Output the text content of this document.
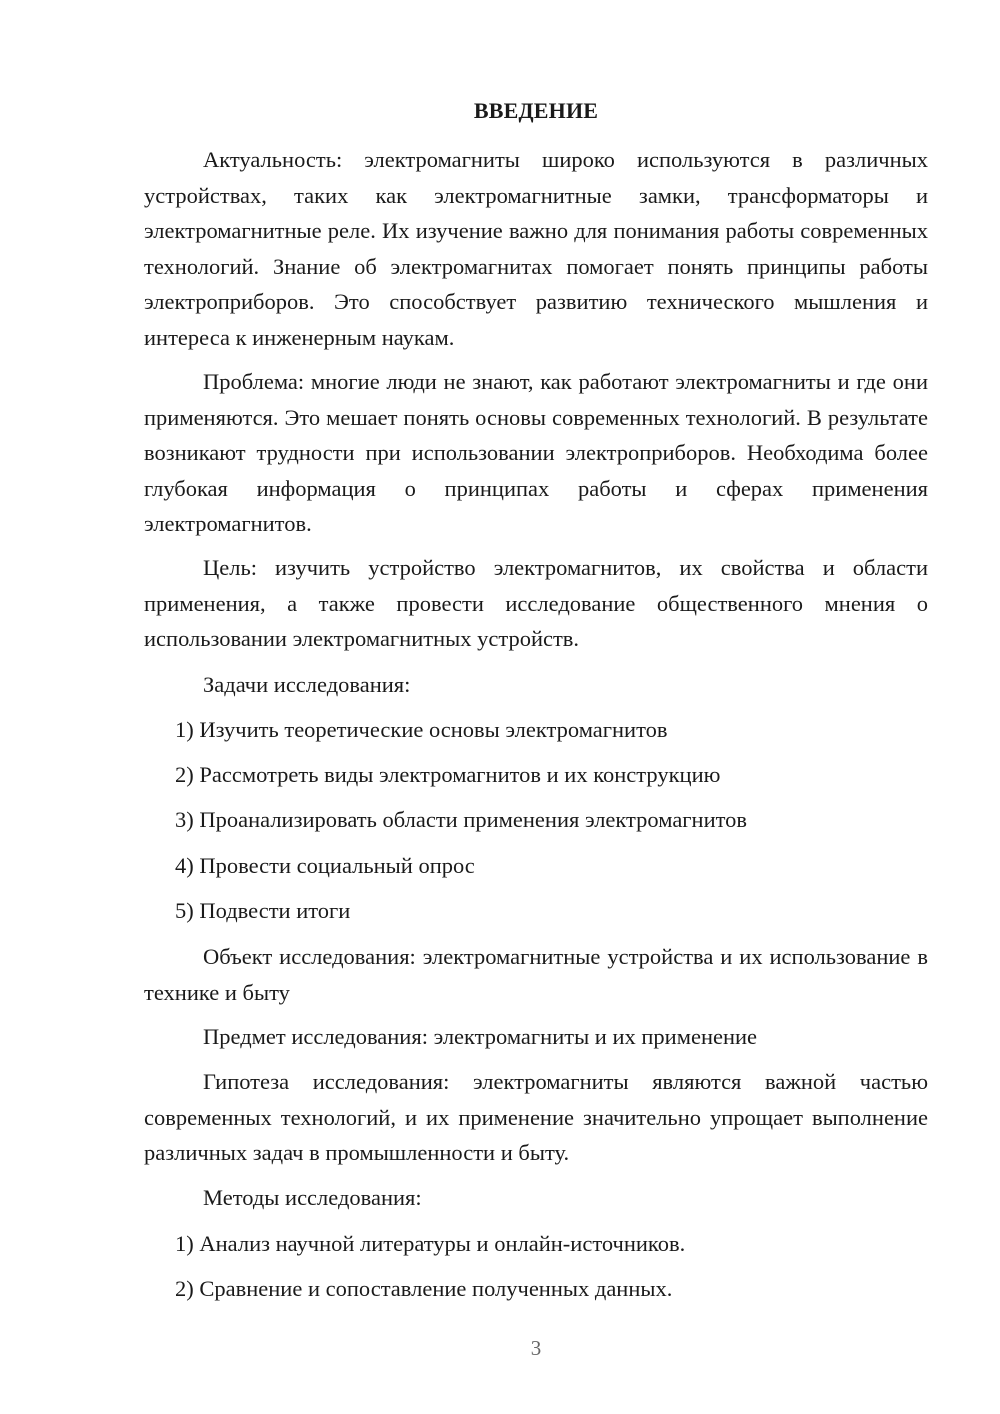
ВВЕДЕНИЕ

Актуальность: электромагниты широко используются в различных устройствах, таких как электромагнитные замки, трансформаторы и электромагнитные реле. Их изучение важно для понимания работы современных технологий. Знание об электромагнитах помогает понять принципы работы электроприборов. Это способствует развитию технического мышления и интереса к инженерным наукам.

Проблема: многие люди не знают, как работают электромагниты и где они применяются. Это мешает понять основы современных технологий. В результате возникают трудности при использовании электроприборов. Необходима более глубокая информация о принципах работы и сферах применения электромагнитов.

Цель: изучить устройство электромагнитов, их свойства и области применения, а также провести исследование общественного мнения о использовании электромагнитных устройств.

Задачи исследования:

1) Изучить теоретические основы электромагнитов

2) Рассмотреть виды электромагнитов и их конструкцию

3) Проанализировать области применения электромагнитов

4) Провести социальный опрос

5) Подвести итоги

Объект исследования: электромагнитные устройства и их использование в технике и быту

Предмет исследования: электромагниты и их применение

Гипотеза исследования: электромагниты являются важной частью современных технологий, и их применение значительно упрощает выполнение различных задач в промышленности и быту.

Методы исследования:

1) Анализ научной литературы и онлайн-источников.

2) Сравнение и сопоставление полученных данных.

3
